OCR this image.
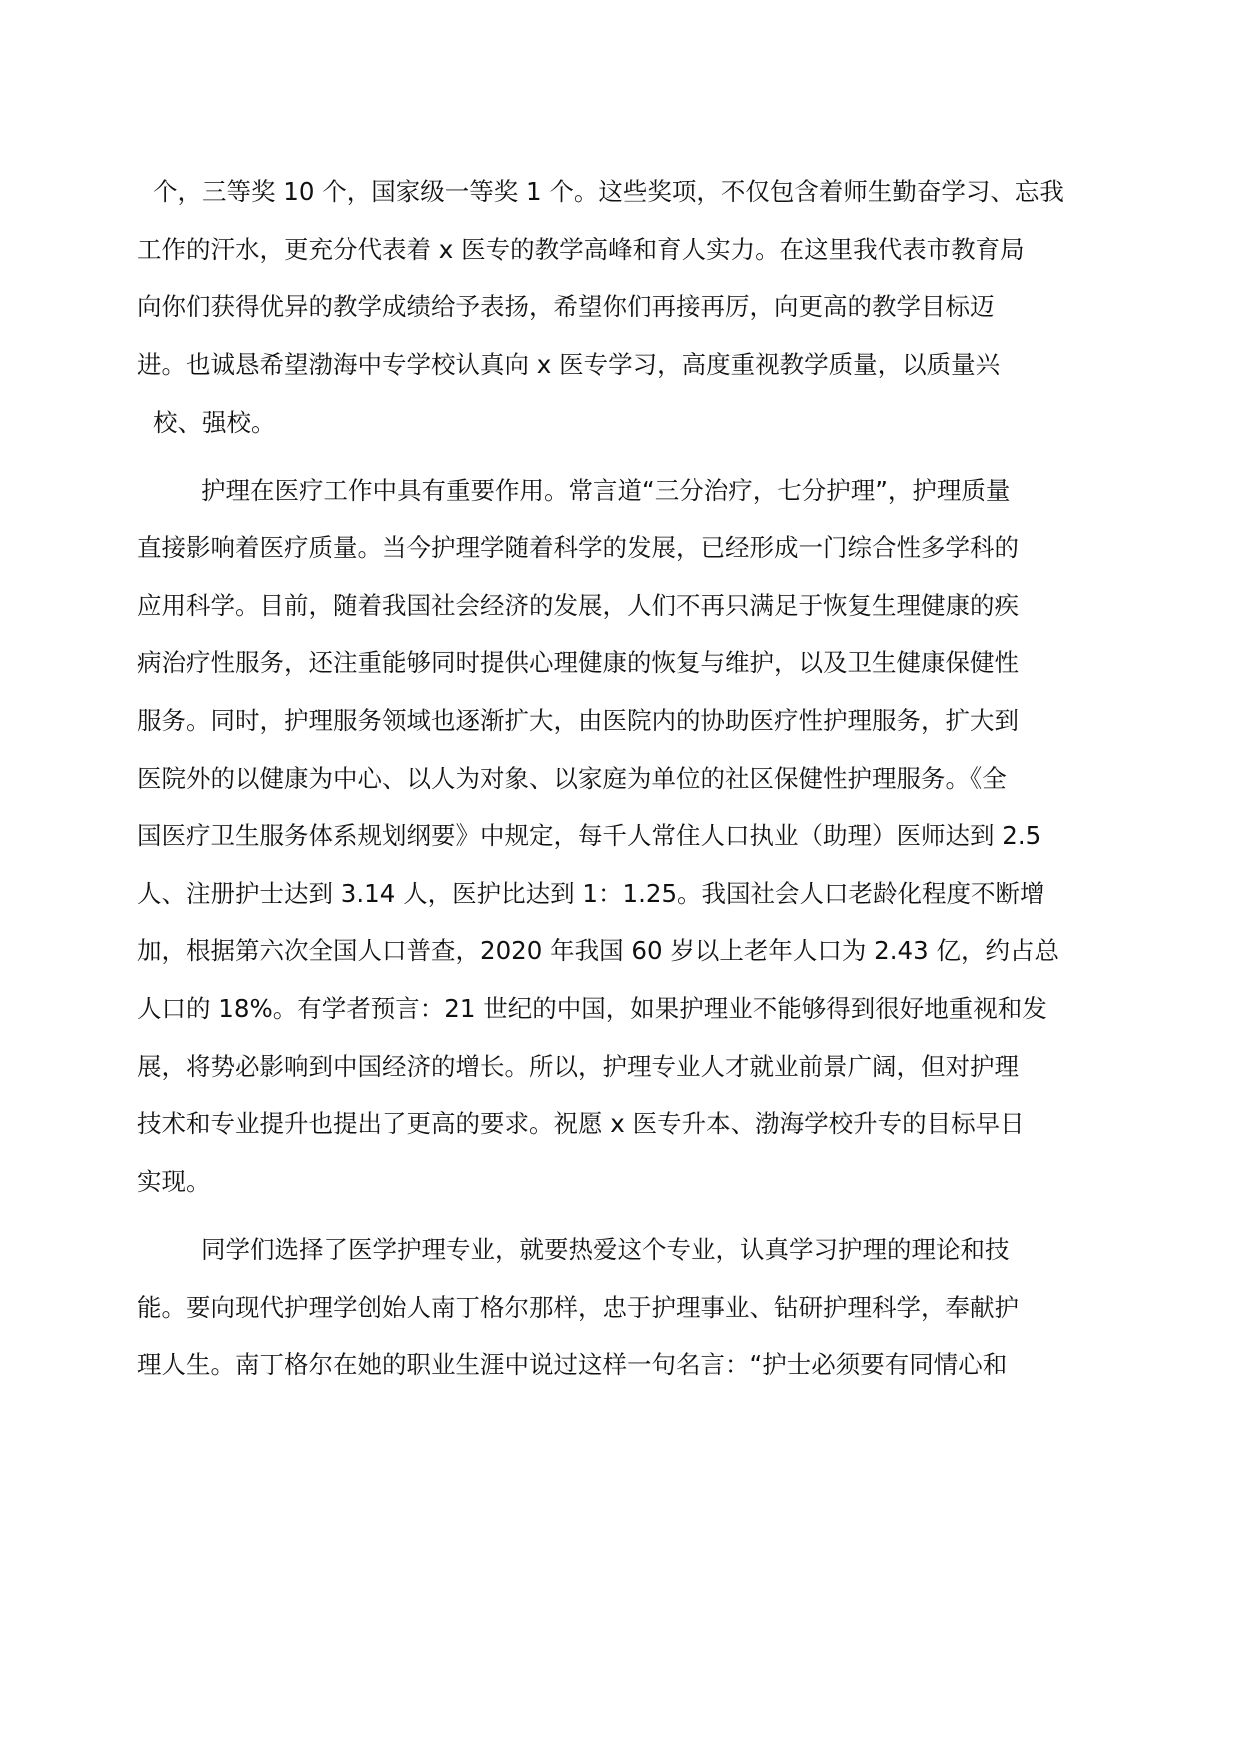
个，三等奖 10 个，国家级一等奖 1 个。这些奖项，不仅包含着师生勤奋学习、忘我

工作的汗水，更充分代表着 x 医专的教学高峰和育人实力。在这里我代表市教育局

向你们获得优异的教学成绩给予表扬，希望你们再接再厉，向更高的教学目标迈

进。也诚恳希望渤海中专学校认真向 x 医专学习，高度重视教学质量，以质量兴

校、强校。

护理在医疗工作中具有重要作用。常言道“三分治疗，七分护理”，护理质量

直接影响着医疗质量。当今护理学随着科学的发展，已经形成一门综合性多学科的

应用科学。目前，随着我国社会经济的发展，人们不再只满足于恢复生理健康的疾

病治疗性服务，还注重能够同时提供心理健康的恢复与维护，以及卫生健康保健性

服务。同时，护理服务领域也逐渐扩大，由医院内的协助医疗性护理服务，扩大到

医院外的以健康为中心、以人为对象、以家庭为单位的社区保健性护理服务。《全

国医疗卫生服务体系规划纲要》中规定，每千人常住人口执业（助理）医师达到 2.5

人、注册护士达到 3.14 人，医护比达到 1：1.25。我国社会人口老龄化程度不断增

加，根据第六次全国人口普查，2020 年我国 60 岁以上老年人口为 2.43 亿，约占总

人口的 18%。有学者预言：21 世纪的中国，如果护理业不能够得到很好地重视和发

展，将势必影响到中国经济的增长。所以，护理专业人才就业前景广阔，但对护理

技术和专业提升也提出了更高的要求。祝愿 x 医专升本、渤海学校升专的目标早日

实现。

同学们选择了医学护理专业，就要热爱这个专业，认真学习护理的理论和技

能。要向现代护理学创始人南丁格尔那样，忠于护理事业、钻研护理科学，奉献护

理人生。南丁格尔在她的职业生涯中说过这样一句名言：“护士必须要有同情心和
